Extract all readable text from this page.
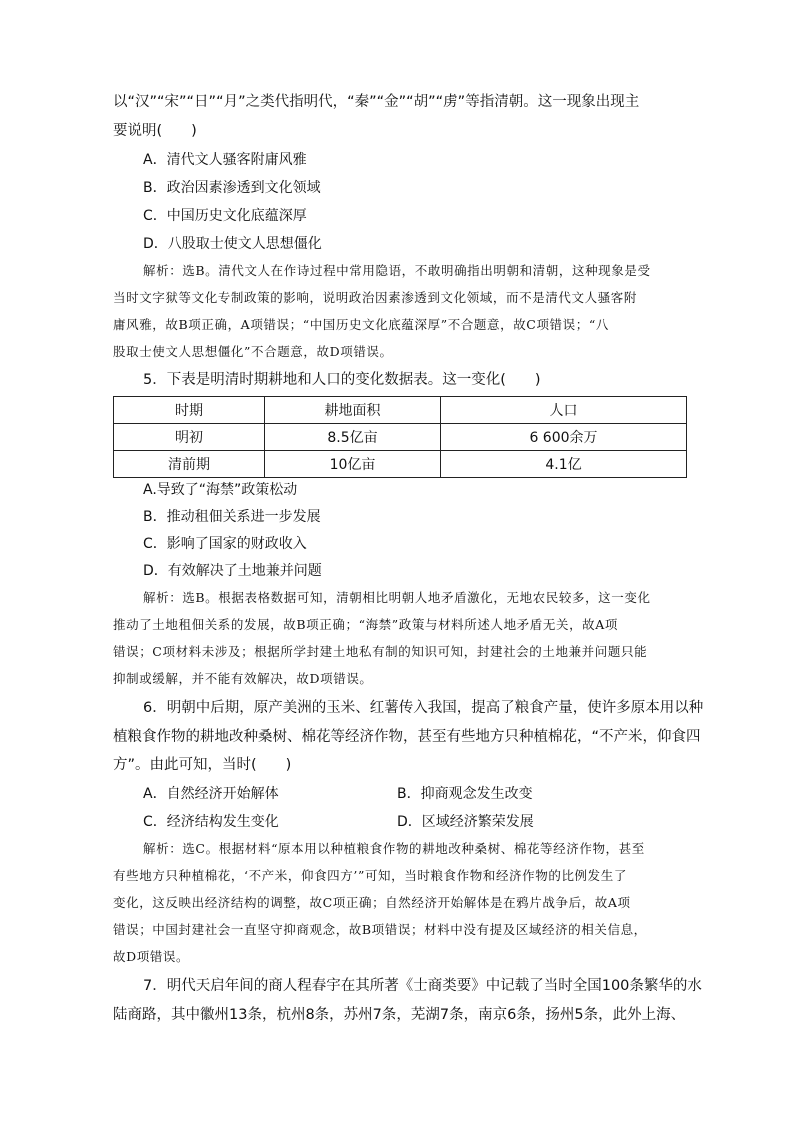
以“汉”“宋”“日”“月”之类代指明代，“秦”“金”“胡”“虏”等指清朝。这一现象出现主
要说明(　　)
A．清代文人骚客附庸风雅
B．政治因素渗透到文化领域
C．中国历史文化底蕴深厚
D．八股取士使文人思想僵化
解析：选B。清代文人在作诗过程中常用隐语，不敢明确指出明朝和清朝，这种现象是受
当时文字狱等文化专制政策的影响，说明政治因素渗透到文化领域，而不是清代文人骚客附
庸风雅，故B项正确，A项错误；“中国历史文化底蕴深厚”不合题意，故C项错误；“八
股取士使文人思想僵化”不合题意，故D项错误。
5．下表是明清时期耕地和人口的变化数据表。这一变化(　　)
时期	耕地面积	人口
明初	8.5亿亩	6 600余万
清前期	10亿亩	4.1亿
A.导致了“海禁”政策松动
B．推动租佃关系进一步发展
C．影响了国家的财政收入
D．有效解决了土地兼并问题
解析：选B。根据表格数据可知，清朝相比明朝人地矛盾激化，无地农民较多，这一变化
推动了土地租佃关系的发展，故B项正确；“海禁”政策与材料所述人地矛盾无关，故A项
错误；C项材料未涉及；根据所学封建土地私有制的知识可知，封建社会的土地兼并问题只能
抑制或缓解，并不能有效解决，故D项错误。
6．明朝中后期，原产美洲的玉米、红薯传入我国，提高了粮食产量，使许多原本用以种
植粮食作物的耕地改种桑树、棉花等经济作物，甚至有些地方只种植棉花，“不产米，仰食四
方”。由此可知，当时(　　)
A．自然经济开始解体	B．抑商观念发生改变
C．经济结构发生变化	D．区域经济繁荣发展
解析：选C。根据材料“原本用以种植粮食作物的耕地改种桑树、棉花等经济作物，甚至
有些地方只种植棉花，‘不产米，仰食四方’”可知，当时粮食作物和经济作物的比例发生了
变化，这反映出经济结构的调整，故C项正确；自然经济开始解体是在鸦片战争后，故A项
错误；中国封建社会一直坚守抑商观念，故B项错误；材料中没有提及区域经济的相关信息，
故D项错误。
7．明代天启年间的商人程春宇在其所著《士商类要》中记载了当时全国100条繁华的水
陆商路，其中徽州13条，杭州8条，苏州7条，芜湖7条，南京6条，扬州5条，此外上海、
